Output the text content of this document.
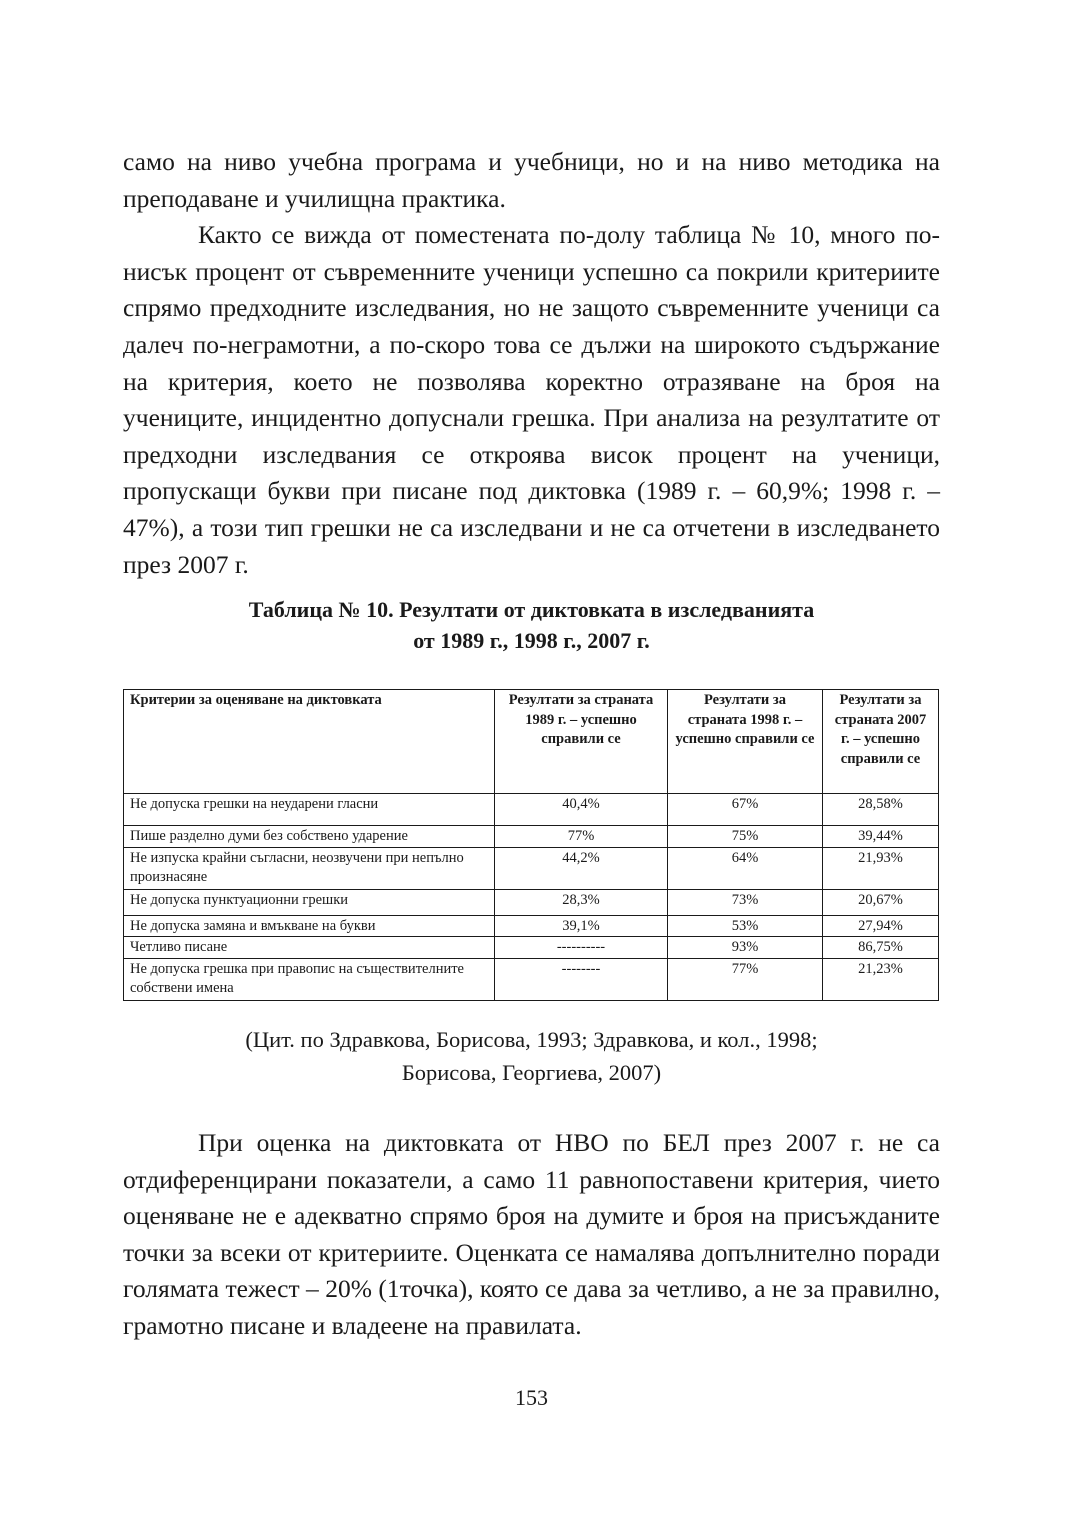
само на ниво учебна програма и учебници, но и на ниво методика на преподаване и училищна практика.

Както се вижда от поместената по-долу таблица № 10, много по-нисък процент от съвременните ученици успешно са покрили критериите спрямо предходните изследвания, но не защото съвременните ученици са далеч по-неграмотни, а по-скоро това се дължи на широкото съдържание на критерия, което не позволява коректно отразяване на броя на учениците, инцидентно допуснали грешка. При анализа на резултатите от предходни изследвания се откроява висок процент на ученици, пропускащи букви при писане под диктовка (1989 г. – 60,9%; 1998 г. – 47%), а този тип грешки не са изследвани и не са отчетени в изследването през 2007 г.

Таблица № 10. Резултати от диктовката в изследванията
от 1989 г., 1998 г., 2007 г.
Критерии за оценяване на диктовката	Резултати за страната 1989 г. – успешно справили се	Резултати за страната 1998 г. – успешно справили се	Резултати за страната 2007 г. – успешно справили се
Не допуска грешки на неударени гласни	40,4%	67%	28,58%
Пише разделно думи без собствено ударение	77%	75%	39,44%
Не изпуска крайни съгласни, неозвучени при непълно произнасяне	44,2%	64%	21,93%
Не допуска пунктуационни грешки	28,3%	73%	20,67%
Не допуска замяна и вмъкване на букви	39,1%	53%	27,94%
Четливо писане	----------	93%	86,75%
Не допуска грешка при правопис на съществителните собствени имена	--------	77%	21,23%
(Цит. по Здравкова, Борисова, 1993; Здравкова, и кол., 1998;
Борисова, Георгиева, 2007)

При оценка на диктовката от НВО по БЕЛ през 2007 г. не са отдиференцирани показатели, а само 11 равнопоставени критерия, чието оценяване не е адекватно спрямо броя на думите и броя на присъжданите точки за всеки от критериите. Оценката се намалява допълнително поради голямата тежест – 20% (1точка), която се дава за четливо, а не за правилно, грамотно писане и владеене на правилата.

153
